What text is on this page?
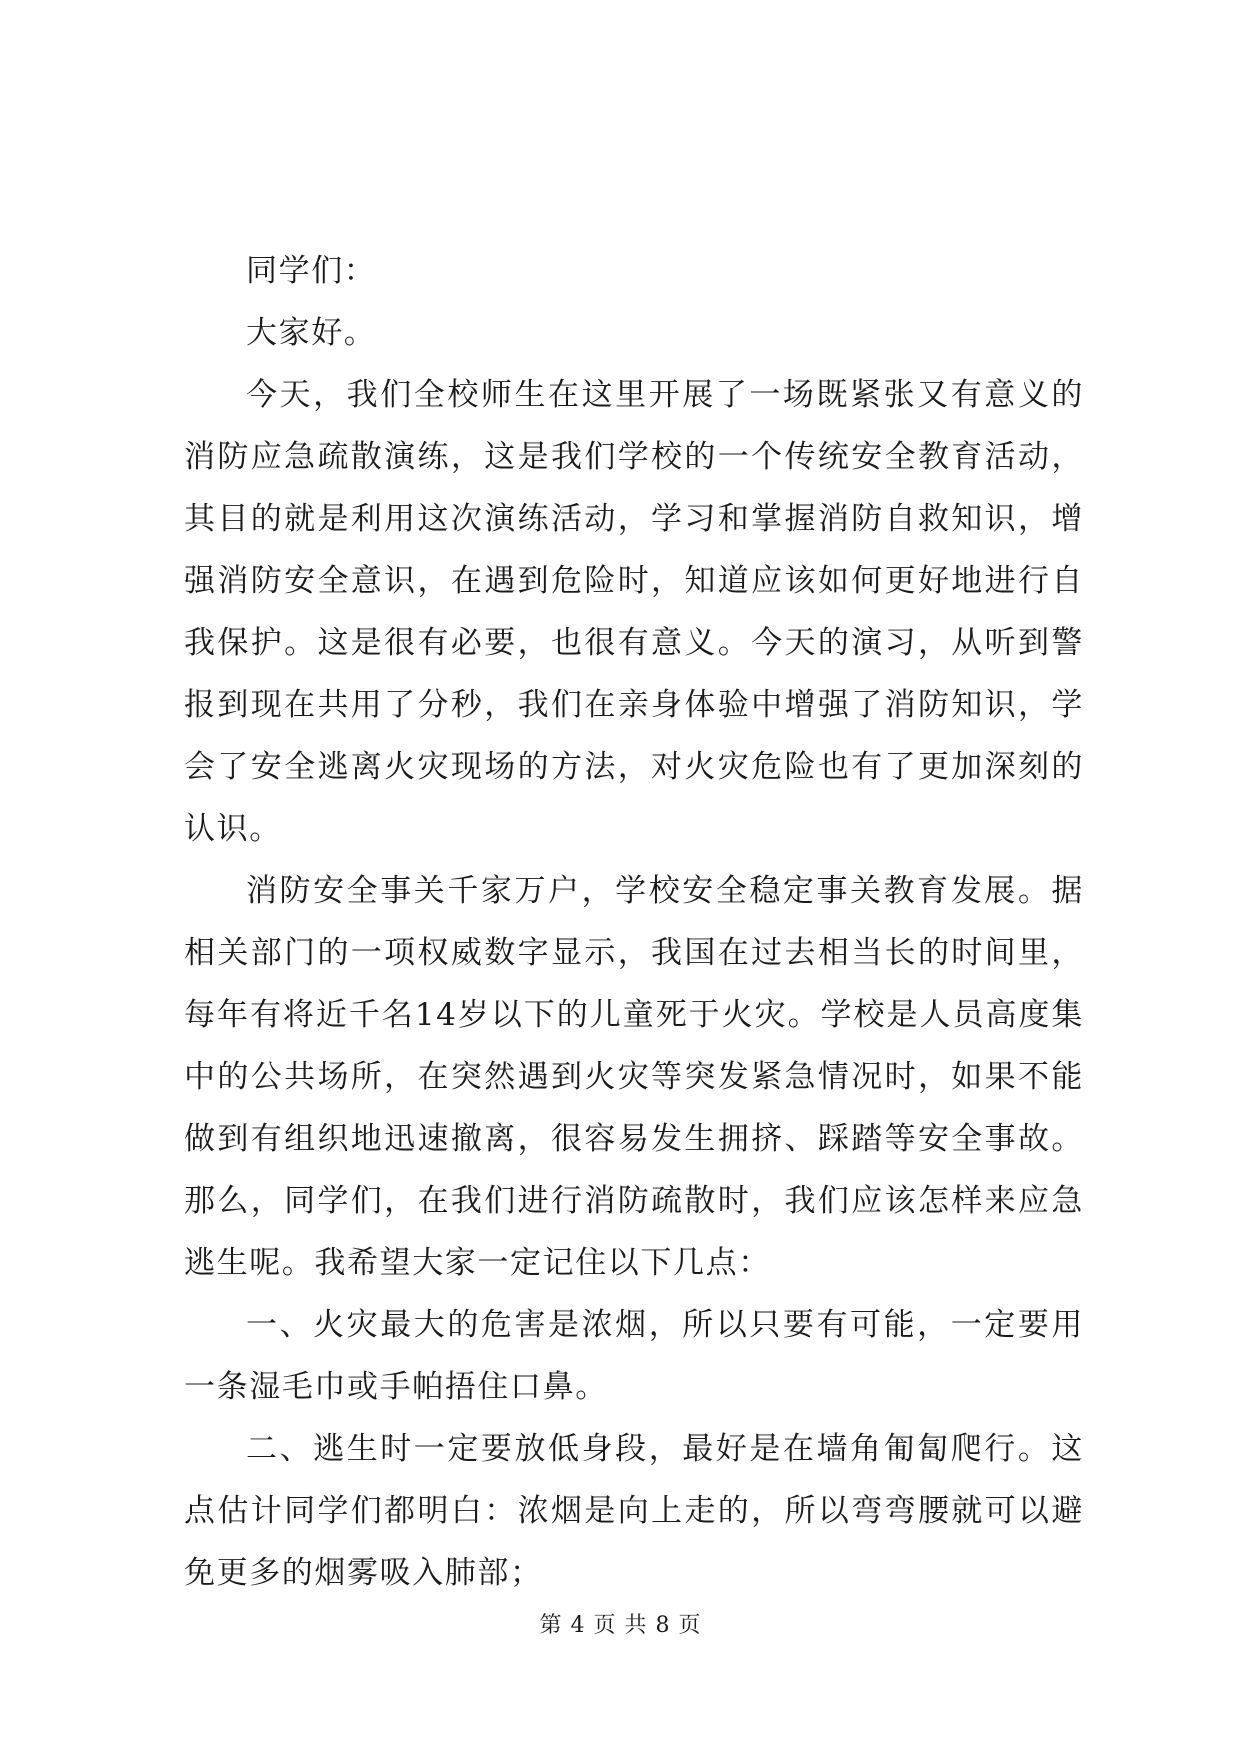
同学们：

大家好。

今天，我们全校师生在这里开展了一场既紧张又有意义的消防应急疏散演练，这是我们学校的一个传统安全教育活动，其目的就是利用这次演练活动，学习和掌握消防自救知识，增强消防安全意识，在遇到危险时，知道应该如何更好地进行自我保护。这是很有必要，也很有意义。今天的演习，从听到警报到现在共用了分秒，我们在亲身体验中增强了消防知识，学会了安全逃离火灾现场的方法，对火灾危险也有了更加深刻的认识。

消防安全事关千家万户，学校安全稳定事关教育发展。据相关部门的一项权威数字显示，我国在过去相当长的时间里，每年有将近千名14岁以下的儿童死于火灾。学校是人员高度集中的公共场所，在突然遇到火灾等突发紧急情况时，如果不能做到有组织地迅速撤离，很容易发生拥挤、踩踏等安全事故。那么，同学们，在我们进行消防疏散时，我们应该怎样来应急逃生呢。我希望大家一定记住以下几点：

一、火灾最大的危害是浓烟，所以只要有可能，一定要用一条湿毛巾或手帕捂住口鼻。

二、逃生时一定要放低身段，最好是在墙角匍匐爬行。这点估计同学们都明白：浓烟是向上走的，所以弯弯腰就可以避免更多的烟雾吸入肺部；

第 4 页 共 8 页
